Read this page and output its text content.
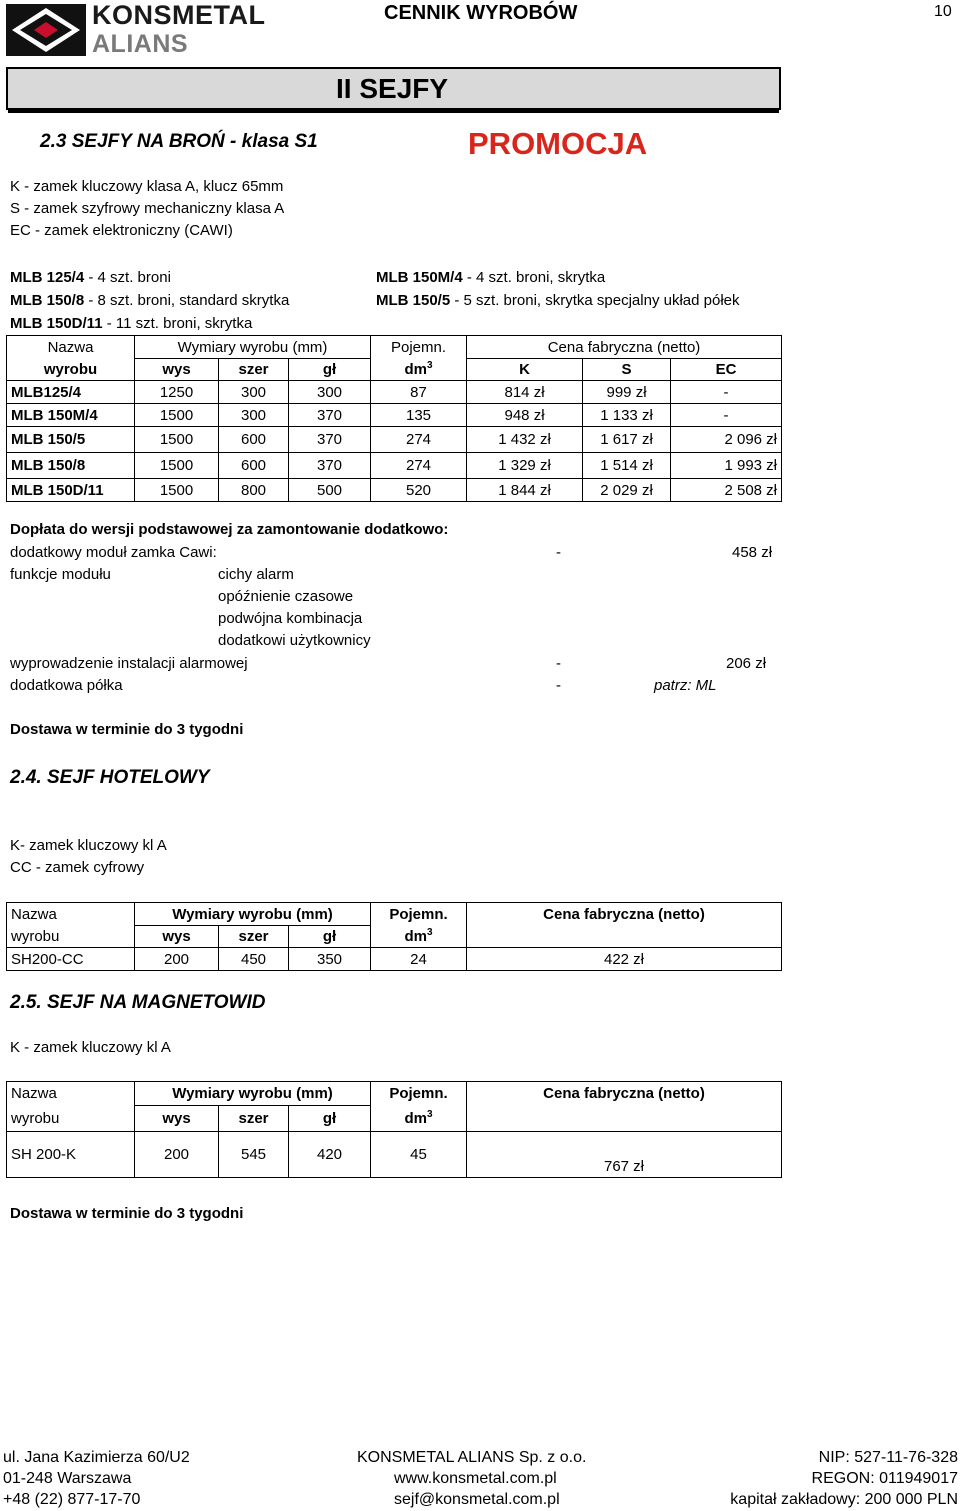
KONSMETAL
ALIANS
CENNIK WYROBÓW	10
II SEJFY
2.3 SEJFY NA BROŃ - klasa S1	PROMOCJA
K - zamek kluczowy klasa A, klucz 65mm
S - zamek szyfrowy mechaniczny klasa A
EC - zamek elektroniczny (CAWI)
MLB 125/4 - 4 szt. broni
MLB 150/8 - 8 szt. broni, standard skrytka
MLB 150D/11 - 11 szt. broni, skrytka
MLB 150M/4 - 4 szt. broni, skrytka
MLB 150/5 - 5 szt. broni, skrytka specjalny układ półek
Nazwa	Wymiary wyrobu (mm)			Pojemn.	Cena fabryczna (netto)		
wyrobu	wys	szer	gł	$dm^3$	K	S	EC
MLB125/4	1250	300	300	87	814 zł	999 zł	-
MLB 150M/4	1500	300	370	135	948 zł	1 133 zł	-
MLB 150/5	1500	600	370	274	1 432 zł	1 617 zł	2 096 zł
MLB 150/8	1500	600	370	274	1 329 zł	1 514 zł	1 993 zł
MLB 150D/11	1500	800	500	520	1 844 zł	2 029 zł	2 508 zł
Dopłata do wersji podstawowej za zamontowanie dodatkowo:
dodatkowy moduł zamka Cawi:	-	458 zł
funkcje modułu	cichy alarm
opóźnienie czasowe
podwójna kombinacja
dodatkowi użytkownicy
wyprowadzenie instalacji alarmowej	-	206 zł
dodatkowa półka	-	patrz: ML
Dostawa w terminie do 3 tygodni
2.4. SEJF HOTELOWY
K- zamek kluczowy kl A
CC - zamek cyfrowy
Nazwa	Wymiary wyrobu (mm)			Pojemn.	Cena fabryczna (netto)
wyrobu	wys	szer	gł	$dm^3$	
SH200-CC	200	450	350	24	422 zł
2.5. SEJF NA MAGNETOWID
K - zamek kluczowy kl A
Nazwa	Wymiary wyrobu (mm)			Pojemn.	Cena fabryczna (netto)
wyrobu	wys	szer	gł	$dm^3$	
SH 200-K	200	545	420	45	767 zł
Dostawa w terminie do 3 tygodni
ul. Jana Kazimierza 60/U2
01-248 Warszawa
+48 (22) 877-17-70
KONSMETAL ALIANS Sp. z o.o.
www.konsmetal.com.pl
sejf@konsmetal.com.pl
NIP: 527-11-76-328
REGON: 011949017
kapitał zakładowy: 200 000 PLN
